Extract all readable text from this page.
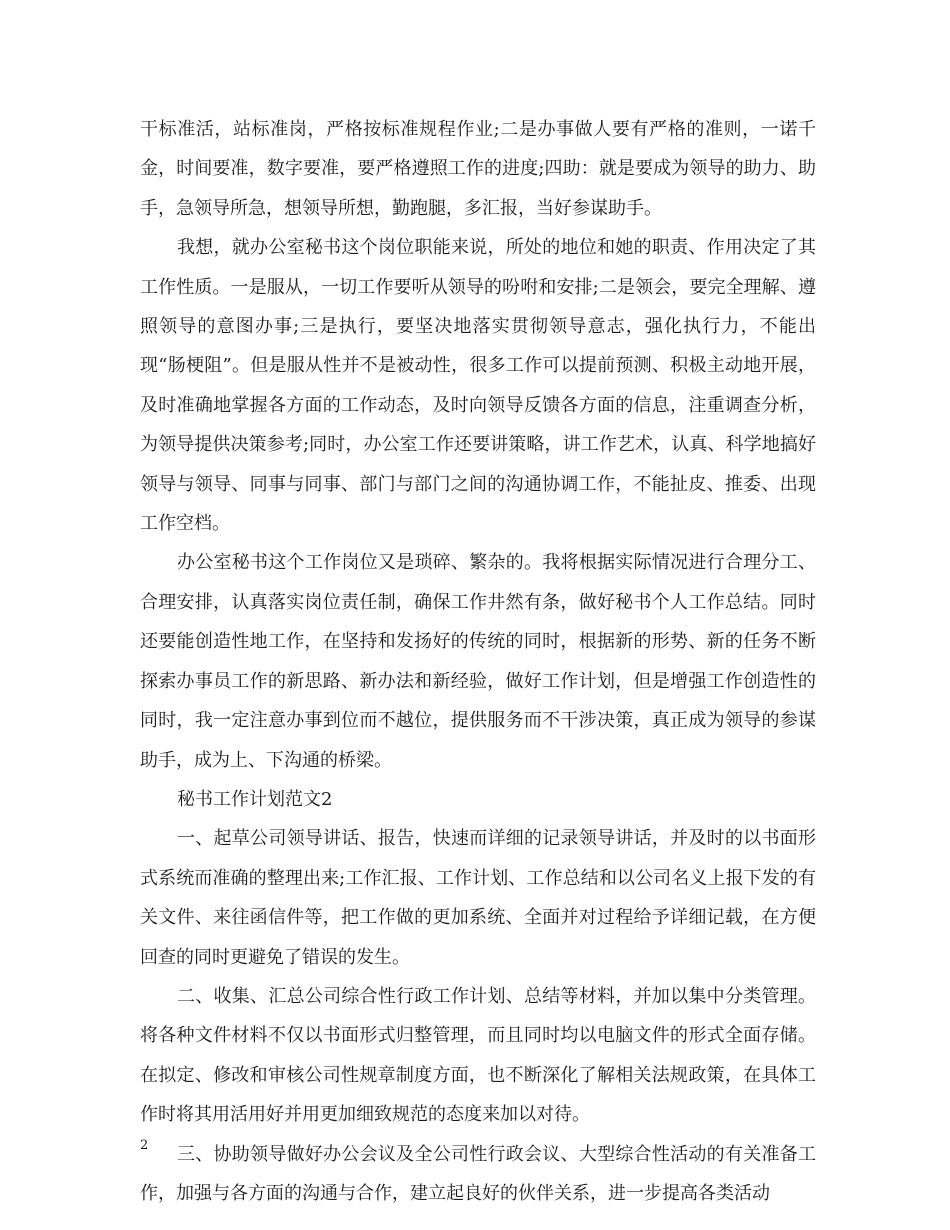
干标准活，站标准岗，严格按标准规程作业;二是办事做人要有严格的准则，一诺千金，时间要准，数字要准，要严格遵照工作的进度;四助：就是要成为领导的助力、助手，急领导所急，想领导所想，勤跑腿，多汇报，当好参谋助手。

我想，就办公室秘书这个岗位职能来说，所处的地位和她的职责、作用决定了其工作性质。一是服从，一切工作要听从领导的吩咐和安排;二是领会，要完全理解、遵照领导的意图办事;三是执行，要坚决地落实贯彻领导意志，强化执行力，不能出现“肠梗阻”。但是服从性并不是被动性，很多工作可以提前预测、积极主动地开展，及时准确地掌握各方面的工作动态，及时向领导反馈各方面的信息，注重调查分析，为领导提供决策参考;同时，办公室工作还要讲策略，讲工作艺术，认真、科学地搞好领导与领导、同事与同事、部门与部门之间的沟通协调工作，不能扯皮、推委、出现工作空档。

办公室秘书这个工作岗位又是琐碎、繁杂的。我将根据实际情况进行合理分工、合理安排，认真落实岗位责任制，确保工作井然有条，做好秘书个人工作总结。同时还要能创造性地工作，在坚持和发扬好的传统的同时，根据新的形势、新的任务不断探索办事员工作的新思路、新办法和新经验，做好工作计划，但是增强工作创造性的同时，我一定注意办事到位而不越位，提供服务而不干涉决策，真正成为领导的参谋助手，成为上、下沟通的桥梁。

秘书工作计划范文2

一、起草公司领导讲话、报告，快速而详细的记录领导讲话，并及时的以书面形式系统而准确的整理出来;工作汇报、工作计划、工作总结和以公司名义上报下发的有关文件、来往函信件等，把工作做的更加系统、全面并对过程给予详细记载，在方便回查的同时更避免了错误的发生。

二、收集、汇总公司综合性行政工作计划、总结等材料，并加以集中分类管理。将各种文件材料不仅以书面形式归整管理，而且同时均以电脑文件的形式全面存储。在拟定、修改和审核公司性规章制度方面，也不断深化了解相关法规政策，在具体工作时将其用活用好并用更加细致规范的态度来加以对待。

三、协助领导做好办公会议及全公司性行政会议、大型综合性活动的有关准备工作，加强与各方面的沟通与合作，建立起良好的伙伴关系，进一步提高各类活动

2
